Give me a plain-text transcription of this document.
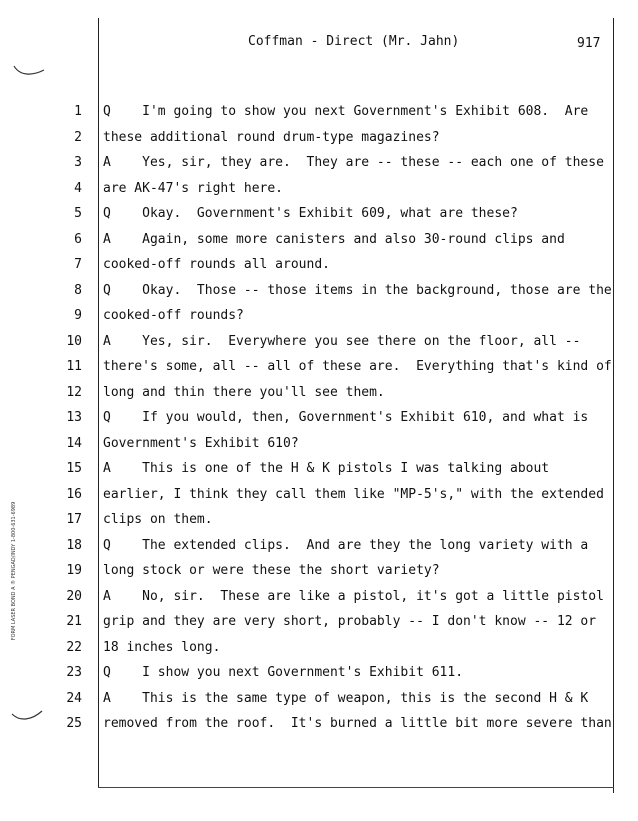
FORM LASER BOND A ® PENGAD/INDY 1-800-631-6989
Coffman - Direct (Mr. Jahn)	917
1 Q    I'm going to show you next Government's Exhibit 608.  Are
2 these additional round drum-type magazines?
3 A    Yes, sir, they are.  They are -- these -- each one of these
4 are AK-47's right here.
5 Q    Okay.  Government's Exhibit 609, what are these?
6 A    Again, some more canisters and also 30-round clips and
7 cooked-off rounds all around.
8 Q    Okay.  Those -- those items in the background, those are the
9 cooked-off rounds?
10 A    Yes, sir.  Everywhere you see there on the floor, all --
11 there's some, all -- all of these are.  Everything that's kind of
12 long and thin there you'll see them.
13 Q    If you would, then, Government's Exhibit 610, and what is
14 Government's Exhibit 610?
15 A    This is one of the H & K pistols I was talking about
16 earlier, I think they call them like "MP-5's," with the extended
17 clips on them.
18 Q    The extended clips.  And are they the long variety with a
19 long stock or were these the short variety?
20 A    No, sir.  These are like a pistol, it's got a little pistol
21 grip and they are very short, probably -- I don't know -- 12 or
22 18 inches long.
23 Q    I show you next Government's Exhibit 611.
24 A    This is the same type of weapon, this is the second H & K
25 removed from the roof.  It's burned a little bit more severe than
